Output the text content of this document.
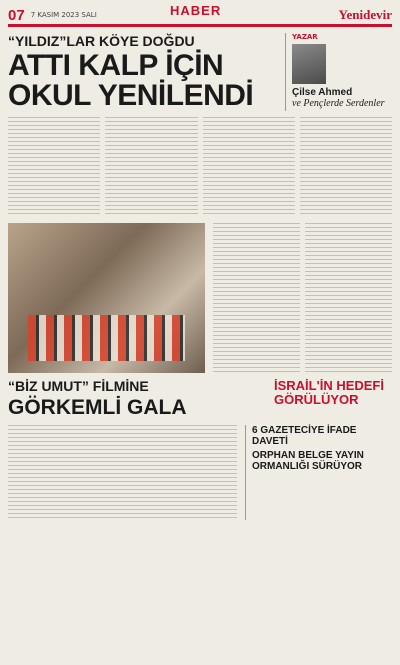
07 7 KASIM 2023 SALI	HABER	Yenidevir
“YILDIZ”LAR KÖYE DOĞDU
ATTI KALP İÇİN OKUL YENİLENDİ
YAZAR
Çilse Ahmed
ve Pençlerde Serdenler
“BİZ UMUT” FİLMİNE
GÖRKEMLİ GALA
İSRAİL'İN HEDEFİ GÖRÜLÜYOR
6 GAZETECİYE İFADE DAVETİ
ORPHAN BELGE YAYIN ORMANLIĞI SÜRÜYOR
